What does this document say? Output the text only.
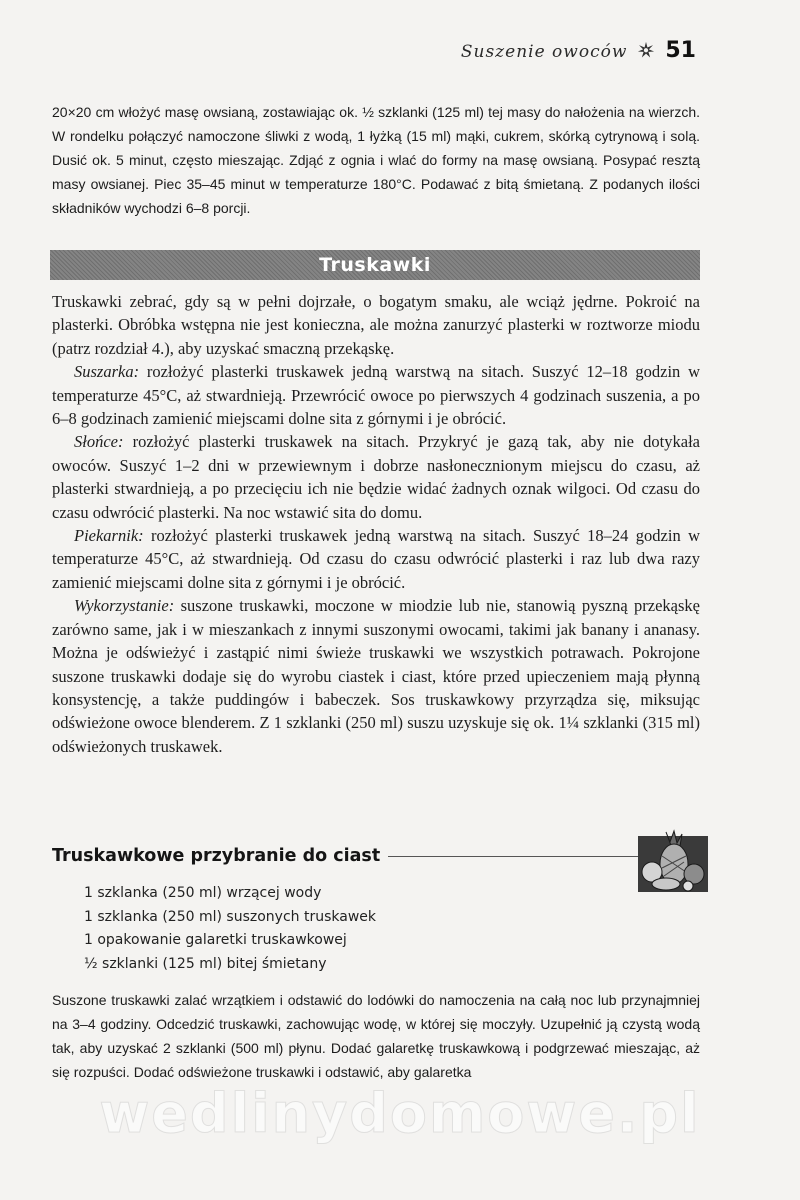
Suszenie owoców 51

20×20 cm włożyć masę owsianą, zostawiając ok. ½ szklanki (125 ml) tej masy do nałożenia na wierzch. W rondelku połączyć namoczone śliwki z wodą, 1 łyżką (15 ml) mąki, cukrem, skórką cytrynową i solą. Dusić ok. 5 minut, często mieszając. Zdjąć z ognia i wlać do formy na masę owsianą. Posypać resztą masy owsianej. Piec 35–45 minut w temperaturze 180°C. Podawać z bitą śmietaną. Z podanych ilości składników wychodzi 6–8 porcji.

Truskawki

Truskawki zebrać, gdy są w pełni dojrzałe, o bogatym smaku, ale wciąż jędrne. Pokroić na plasterki. Obróbka wstępna nie jest konieczna, ale można zanurzyć plasterki w roztworze miodu (patrz rozdział 4.), aby uzyskać smaczną przekąskę.

Suszarka: rozłożyć plasterki truskawek jedną warstwą na sitach. Suszyć 12–18 godzin w temperaturze 45°C, aż stwardnieją. Przewrócić owoce po pierwszych 4 godzinach suszenia, a po 6–8 godzinach zamienić miejscami dolne sita z górnymi i je obrócić.

Słońce: rozłożyć plasterki truskawek na sitach. Przykryć je gazą tak, aby nie dotykała owoców. Suszyć 1–2 dni w przewiewnym i dobrze nasłonecznionym miejscu do czasu, aż plasterki stwardnieją, a po przecięciu ich nie będzie widać żadnych oznak wilgoci. Od czasu do czasu odwrócić plasterki. Na noc wstawić sita do domu.

Piekarnik: rozłożyć plasterki truskawek jedną warstwą na sitach. Suszyć 18–24 godzin w temperaturze 45°C, aż stwardnieją. Od czasu do czasu odwrócić plasterki i raz lub dwa razy zamienić miejscami dolne sita z górnymi i je obrócić.

Wykorzystanie: suszone truskawki, moczone w miodzie lub nie, stanowią pyszną przekąskę zarówno same, jak i w mieszankach z innymi suszonymi owocami, takimi jak banany i ananasy. Można je odświeżyć i zastąpić nimi świeże truskawki we wszystkich potrawach. Pokrojone suszone truskawki dodaje się do wyrobu ciastek i ciast, które przed upieczeniem mają płynną konsystencję, a także puddingów i babeczek. Sos truskawkowy przyrządza się, miksując odświeżone owoce blenderem. Z 1 szklanki (250 ml) suszu uzyskuje się ok. 1¼ szklanki (315 ml) odświeżonych truskawek.

Truskawkowe przybranie do ciast
1 szklanka (250 ml) wrzącej wody
1 szklanka (250 ml) suszonych truskawek
1 opakowanie galaretki truskawkowej
½ szklanki (125 ml) bitej śmietany

Suszone truskawki zalać wrzątkiem i odstawić do lodówki do namoczenia na całą noc lub przynajmniej na 3–4 godziny. Odcedzić truskawki, zachowując wodę, w której się moczyły. Uzupełnić ją czystą wodą tak, aby uzyskać 2 szklanki (500 ml) płynu. Dodać galaretkę truskawkową i podgrzewać mieszając, aż się rozpuści. Dodać odświeżone truskawki i odstawić, aby galaretka

wedlinydomowe.pl
